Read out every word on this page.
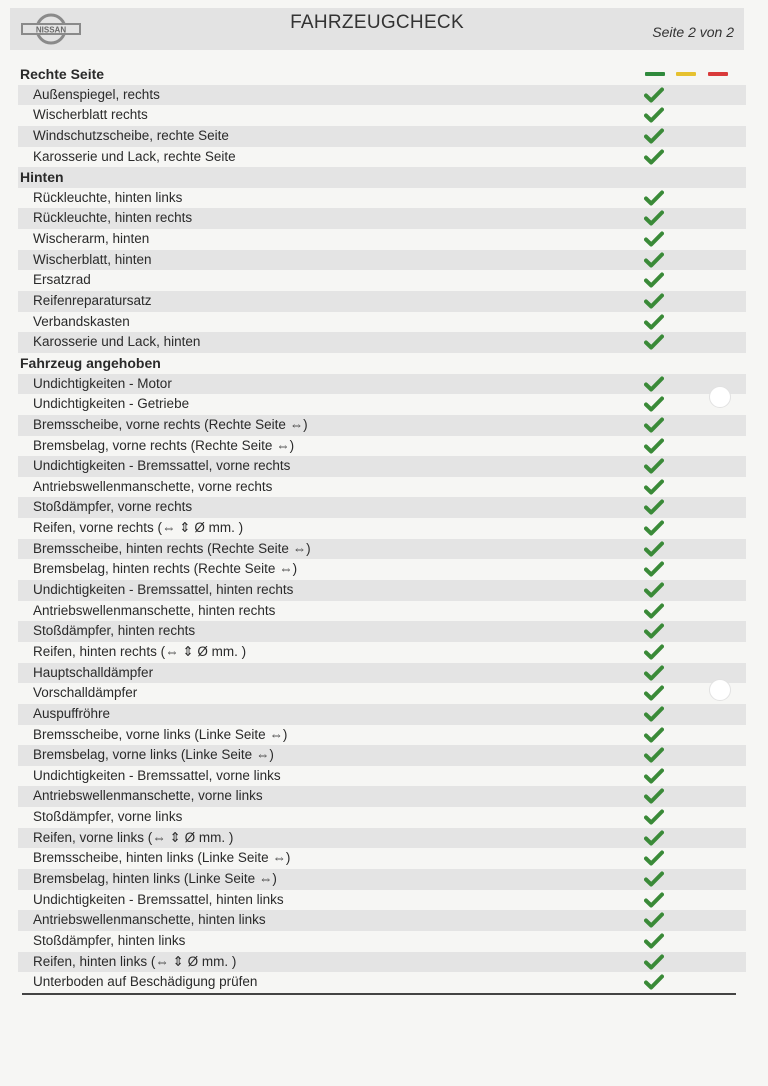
NISSAN	FAHRZEUGCHECK	Seite 2 von 2
Rechte Seite
Außenspiegel, rechts
Wischerblatt rechts
Windschutzscheibe, rechte Seite
Karosserie und Lack, rechte Seite
Hinten
Rückleuchte, hinten links
Rückleuchte, hinten rechts
Wischerarm, hinten
Wischerblatt, hinten
Ersatzrad
Reifenreparatursatz
Verbandskasten
Karosserie und Lack, hinten
Fahrzeug angehoben
Undichtigkeiten - Motor
Undichtigkeiten - Getriebe
Bremsscheibe, vorne rechts (Rechte Seite ⇔)
Bremsbelag, vorne rechts (Rechte Seite ⇔)
Undichtigkeiten - Bremssattel, vorne rechts
Antriebswellenmanschette, vorne rechts
Stoßdämpfer, vorne rechts
Reifen, vorne rechts (⇔ ⇕ Ø mm. )
Bremsscheibe, hinten rechts (Rechte Seite ⇔)
Bremsbelag, hinten rechts (Rechte Seite ⇔)
Undichtigkeiten - Bremssattel, hinten rechts
Antriebswellenmanschette, hinten rechts
Stoßdämpfer, hinten rechts
Reifen, hinten rechts (⇔ ⇕ Ø mm. )
Hauptschalldämpfer
Vorschalldämpfer
Auspuffröhre
Bremsscheibe, vorne links (Linke Seite ⇔)
Bremsbelag, vorne links (Linke Seite ⇔)
Undichtigkeiten - Bremssattel, vorne links
Antriebswellenmanschette, vorne links
Stoßdämpfer, vorne links
Reifen, vorne links (⇔ ⇕ Ø mm. )
Bremsscheibe, hinten links (Linke Seite ⇔)
Bremsbelag, hinten links (Linke Seite ⇔)
Undichtigkeiten - Bremssattel, hinten links
Antriebswellenmanschette, hinten links
Stoßdämpfer, hinten links
Reifen, hinten links (⇔ ⇕ Ø mm. )
Unterboden auf Beschädigung prüfen
